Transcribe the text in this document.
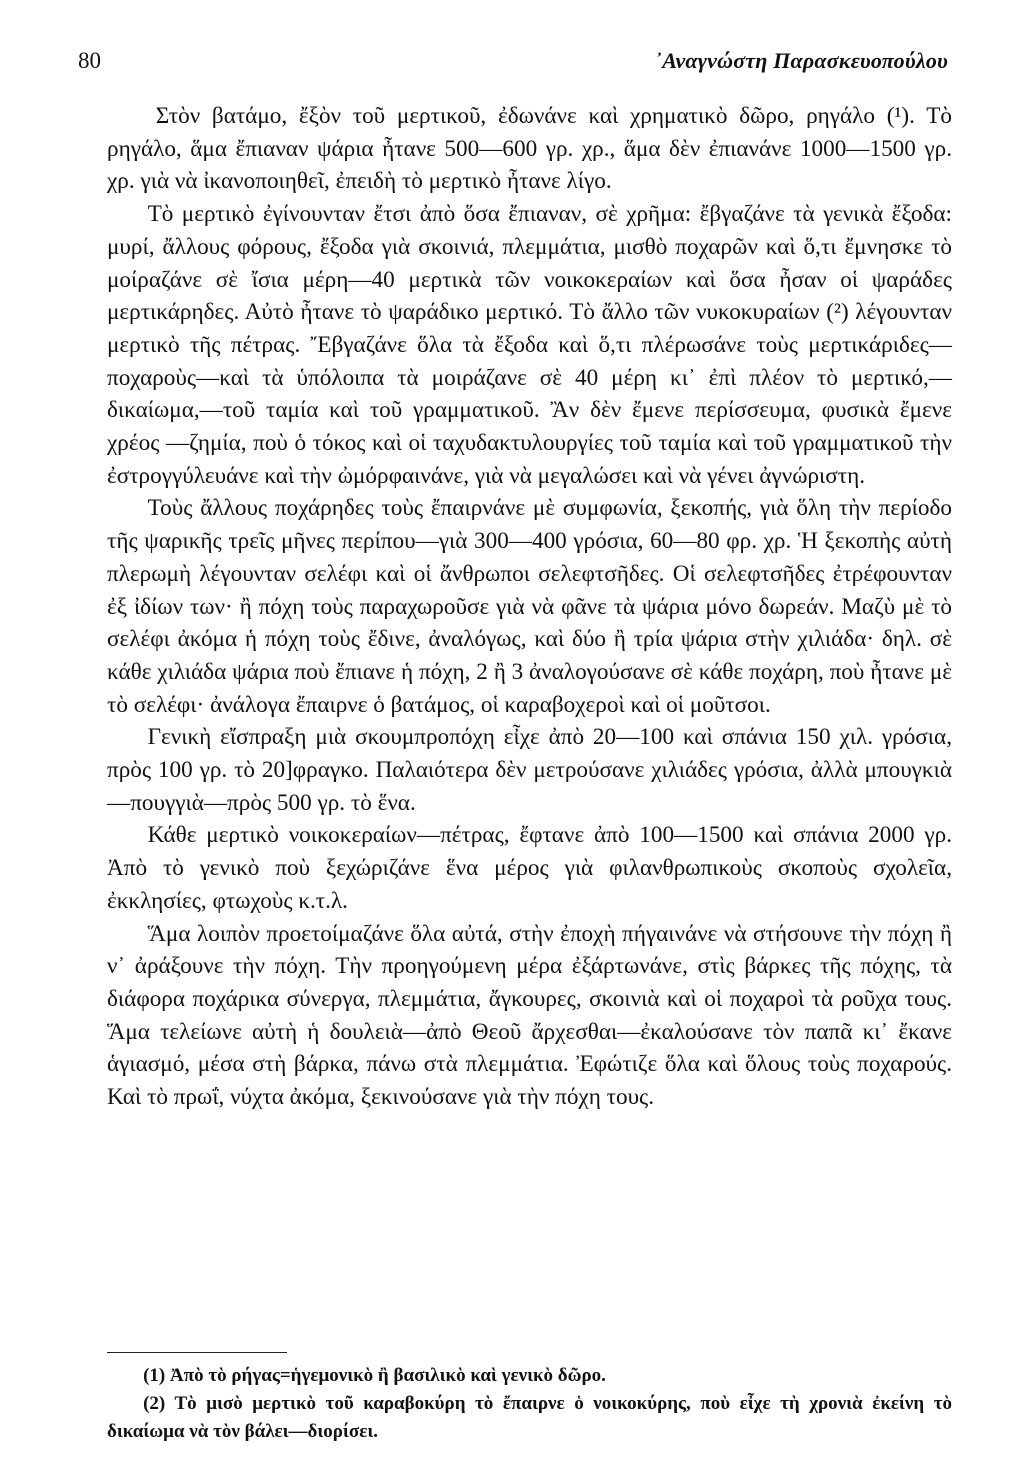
80	᾿Αναγνώστη Παρασκευοπούλου

Στὸν βατάμο, ἔξὸν τοῦ μερτικοῦ, ἐδωνάνε καὶ χρηματικὸ δῶρο, ρηγάλο (¹). Τὸ ρηγάλο, ἅμα ἔπιαναν ψάρια ἦτανε 500—600 γρ. χρ., ἅμα δὲν ἐπιανάνε 1000—1500 γρ. χρ. γιὰ νὰ ἰκανοποιηθεῖ, ἐπειδὴ τὸ μερτικὸ ἦτανε λίγο.

Τὸ μερτικὸ ἐγίνουνταν ἔτσι ἀπὸ ὅσα ἔπιαναν, σὲ χρῆμα: ἔβγαζάνε τὰ γενικὰ ἔξοδα: μυρί, ἄλλους φόρους, ἔξοδα γιὰ σκοινιά, πλεμμάτια, μισθὸ ποχαρῶν καὶ ὅ,τι ἔμνησκε τὸ μοίραζάνε σὲ ἴσια μέρη—40 μερτικὰ τῶν νοικοκεραίων καὶ ὅσα ἦσαν οἱ ψαράδες μερτικάρηδες. Αὐτὸ ἦτανε τὸ ψαράδικο μερτικό. Τὸ ἄλλο τῶν νυκοκυραίων (²) λέγουνταν μερτικὸ τῆς πέτρας. Ἔβγαζάνε ὅλα τὰ ἔξοδα καὶ ὅ,τι πλέρωσάνε τοὺς μερτικάριδες—ποχαροὺς—καὶ τὰ ὑπόλοιπα τὰ μοιράζανε σὲ 40 μέρη κι᾿ ἐπὶ πλέον τὸ μερτικό,—δικαίωμα,—τοῦ ταμία καὶ τοῦ γραμματικοῦ. Ἂν δὲν ἔμενε περίσσευμα, φυσικὰ ἔμενε χρέος —ζημία, ποὺ ὁ τόκος καὶ οἱ ταχυδακτυλουργίες τοῦ ταμία καὶ τοῦ γραμματικοῦ τὴν ἐστρογγύλευάνε καὶ τὴν ὠμόρφαινάνε, γιὰ νὰ μεγαλώσει καὶ νὰ γένει ἀγνώριστη.

Τοὺς ἄλλους ποχάρηδες τοὺς ἔπαιρνάνε μὲ συμφωνία, ξεκοπής, γιὰ ὅλη τὴν περίοδο τῆς ψαρικῆς τρεῖς μῆνες περίπου—γιὰ 300—400 γρόσια, 60—80 φρ. χρ. Ἡ ξεκοπὴς αὐτὴ πλερωμὴ λέγουνταν σελέφι καὶ οἱ ἄνθρωποι σελεφτσῆδες. Οἱ σελεφτσῆδες ἐτρέφουνταν ἐξ ἰδίων των· ἢ πόχη τοὺς παραχωροῦσε γιὰ νὰ φᾶνε τὰ ψάρια μόνο δωρεάν. Μαζὺ μὲ τὸ σελέφι ἀκόμα ἡ πόχη τοὺς ἔδινε, ἀναλόγως, καὶ δύο ἢ τρία ψάρια στὴν χιλιάδα· δηλ. σὲ κάθε χιλιάδα ψάρια ποὺ ἔπιανε ἡ πόχη, 2 ἢ 3 ἀναλογούσανε σὲ κάθε ποχάρη, ποὺ ἦτανε μὲ τὸ σελέφι· ἀνάλογα ἔπαιρνε ὁ βατάμος, οἱ καραβοχεροὶ καὶ οἱ μοῦτσοι.

Γενικὴ εἴσπραξη μιὰ σκουμπροπόχη εἶχε ἀπὸ 20—100 καὶ σπάνια 150 χιλ. γρόσια, πρὸς 100 γρ. τὸ 20]φραγκο. Παλαιότερα δὲν μετρούσανε χιλιάδες γρόσια, ἀλλὰ μπουγκιὰ—πουγγιὰ—πρὸς 500 γρ. τὸ ἕνα.

Κάθε μερτικὸ νοικοκεραίων—πέτρας, ἔφτανε ἀπὸ 100—1500 καὶ σπάνια 2000 γρ. Ἀπὸ τὸ γενικὸ ποὺ ξεχώριζάνε ἕνα μέρος γιὰ φιλανθρωπικοὺς σκοποὺς σχολεῖα, ἐκκλησίες, φτωχοὺς κ.τ.λ.

Ἅμα λοιπὸν προετοίμαζάνε ὅλα αὐτά, στὴν ἐποχὴ πήγαινάνε νὰ στήσουνε τὴν πόχη ἢ ν᾿ ἀράξουνε τὴν πόχη. Τὴν προηγούμενη μέρα ἐξάρτωνάνε, στὶς βάρκες τῆς πόχης, τὰ διάφορα ποχάρικα σύνεργα, πλεμμάτια, ἄγκουρες, σκοινιὰ καὶ οἱ ποχαροὶ τὰ ροῦχα τους. Ἅμα τελείωνε αὐτὴ ἡ δουλειὰ—ἀπὸ Θεοῦ ἄρχεσθαι—ἐκαλούσανε τὸν παπᾶ κι᾿ ἔκανε ἁγιασμό, μέσα στὴ βάρκα, πάνω στὰ πλεμμάτια. Ἐφώτιζε ὅλα καὶ ὅλους τοὺς ποχαρούς. Καὶ τὸ πρωΐ, νύχτα ἀκόμα, ξεκινούσανε γιὰ τὴν πόχη τους.

(1) Ἀπὸ τὸ ρήγας=ἡγεμονικὸ ἢ βασιλικὸ καὶ γενικὸ δῶρο.

(2) Τὸ μισὸ μερτικὸ τοῦ καραβοκύρη τὸ ἔπαιρνε ὁ νοικοκύρης, ποὺ εἶχε τὴ χρονιὰ ἐκείνη τὸ δικαίωμα νὰ τὸν βάλει—διορίσει.
